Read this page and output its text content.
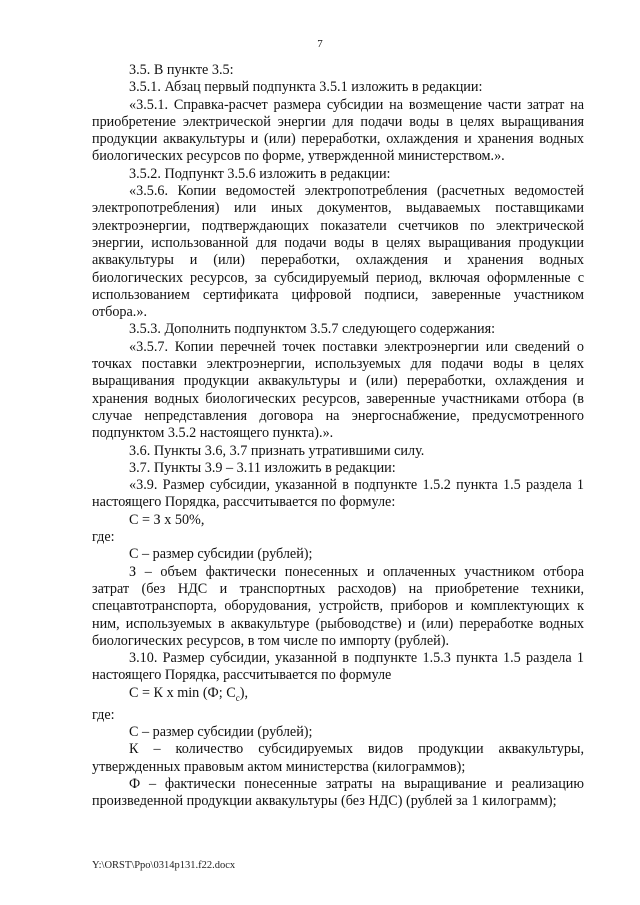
7

3.5. В пункте 3.5:

3.5.1. Абзац первый подпункта 3.5.1 изложить в редакции:

«3.5.1. Справка-расчет размера субсидии на возмещение части затрат на приобретение электрической энергии для подачи воды в целях выращивания продукции аквакультуры и (или) переработки, охлаждения и хранения водных биологических ресурсов по форме, утвержденной министерством.».

3.5.2. Подпункт 3.5.6 изложить в редакции:

«3.5.6. Копии ведомостей электропотребления (расчетных ведомостей электропотребления) или иных документов, выдаваемых поставщиками электроэнергии, подтверждающих показатели счетчиков по электрической энергии, использованной для подачи воды в целях выращивания продукции аквакультуры и (или) переработки, охлаждения и хранения водных биологических ресурсов, за субсидируемый период, включая оформленные с использованием сертификата цифровой подписи, заверенные участником отбора.».

3.5.3. Дополнить подпунктом 3.5.7 следующего содержания:

«3.5.7. Копии перечней точек поставки электроэнергии или сведений о точках поставки электроэнергии, используемых для подачи воды в целях выращивания продукции аквакультуры и (или) переработки, охлаждения и хранения водных биологических ресурсов, заверенные участниками отбора (в случае непредставления договора на энергоснабжение, предусмотренного подпунктом 3.5.2 настоящего пункта).».

3.6. Пункты 3.6, 3.7 признать утратившими силу.

3.7. Пункты 3.9 – 3.11 изложить в редакции:

«3.9. Размер субсидии, указанной в подпункте 1.5.2 пункта 1.5 раздела 1 настоящего Порядка, рассчитывается по формуле:

С = З х 50%,

где:

С – размер субсидии (рублей);

З – объем фактически понесенных и оплаченных участником отбора затрат (без НДС и транспортных расходов) на приобретение техники, спецавтотранспорта, оборудования, устройств, приборов и комплектующих к ним, используемых в аквакультуре (рыбоводстве) и (или) переработке водных биологических ресурсов, в том числе по импорту (рублей).

3.10. Размер субсидии, указанной в подпункте 1.5.3 пункта 1.5 раздела 1 настоящего Порядка, рассчитывается по формуле

С = К х min (Ф; $С_с$),

где:

С – размер субсидии (рублей);

К – количество субсидируемых видов продукции аквакультуры, утвержденных правовым актом министерства (килограммов);

Ф – фактически понесенные затраты на выращивание и реализацию произведенной продукции аквакультуры (без НДС) (рублей за 1 килограмм);

Y:\ORST\Ppo\0314p131.f22.docx
